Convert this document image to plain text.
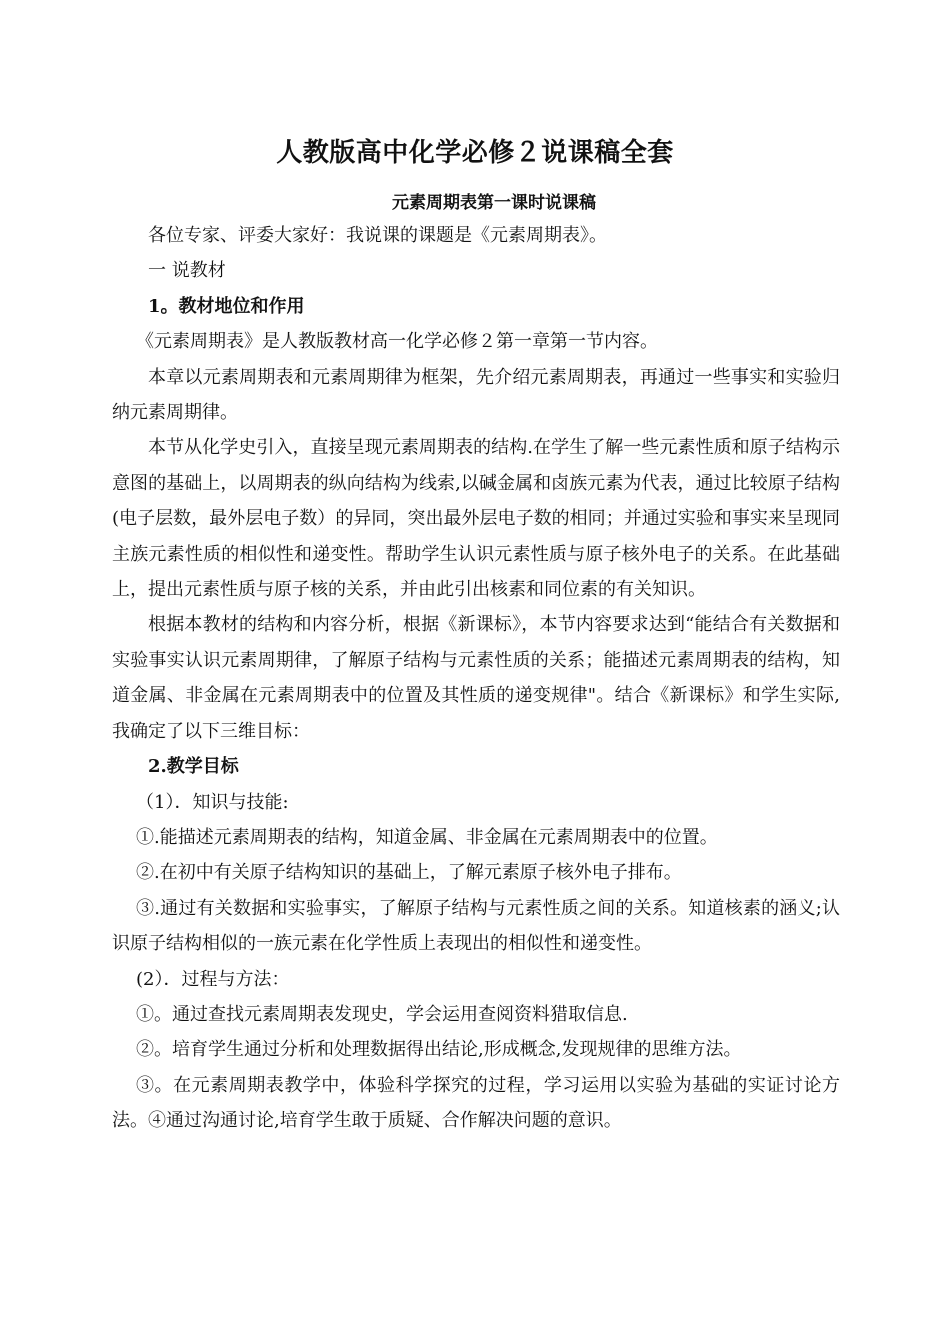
人教版高中化学必修２说课稿全套
元素周期表第一课时说课稿

各位专家、评委大家好：我说课的课题是《元素周期表》。

一 说教材

1。教材地位和作用

《元素周期表》是人教版教材高一化学必修２第一章第一节内容。

本章以元素周期表和元素周期律为框架，先介绍元素周期表，再通过一些事实和实验归纳元素周期律。

本节从化学史引入，直接呈现元素周期表的结构.在学生了解一些元素性质和原子结构示意图的基础上，以周期表的纵向结构为线索,以碱金属和卤族元素为代表，通过比较原子结构(电子层数，最外层电子数）的异同，突出最外层电子数的相同；并通过实验和事实来呈现同主族元素性质的相似性和递变性。帮助学生认识元素性质与原子核外电子的关系。在此基础上，提出元素性质与原子核的关系，并由此引出核素和同位素的有关知识。

根据本教材的结构和内容分析，根据《新课标》，本节内容要求达到“能结合有关数据和实验事实认识元素周期律，了解原子结构与元素性质的关系；能描述元素周期表的结构，知道金属、非金属在元素周期表中的位置及其性质的递变规律"。结合《新课标》和学生实际,我确定了以下三维目标：

2.教学目标

（1）．知识与技能:

①.能描述元素周期表的结构，知道金属、非金属在元素周期表中的位置。

②.在初中有关原子结构知识的基础上，了解元素原子核外电子排布。

③.通过有关数据和实验事实，了解原子结构与元素性质之间的关系。知道核素的涵义;认识原子结构相似的一族元素在化学性质上表现出的相似性和递变性。

(2）．过程与方法：

①。通过查找元素周期表发现史，学会运用查阅资料猎取信息.

②。培育学生通过分析和处理数据得出结论,形成概念,发现规律的思维方法。

③。在元素周期表教学中，体验科学探究的过程，学习运用以实验为基础的实证讨论方法。④通过沟通讨论,培育学生敢于质疑、合作解决问题的意识。
